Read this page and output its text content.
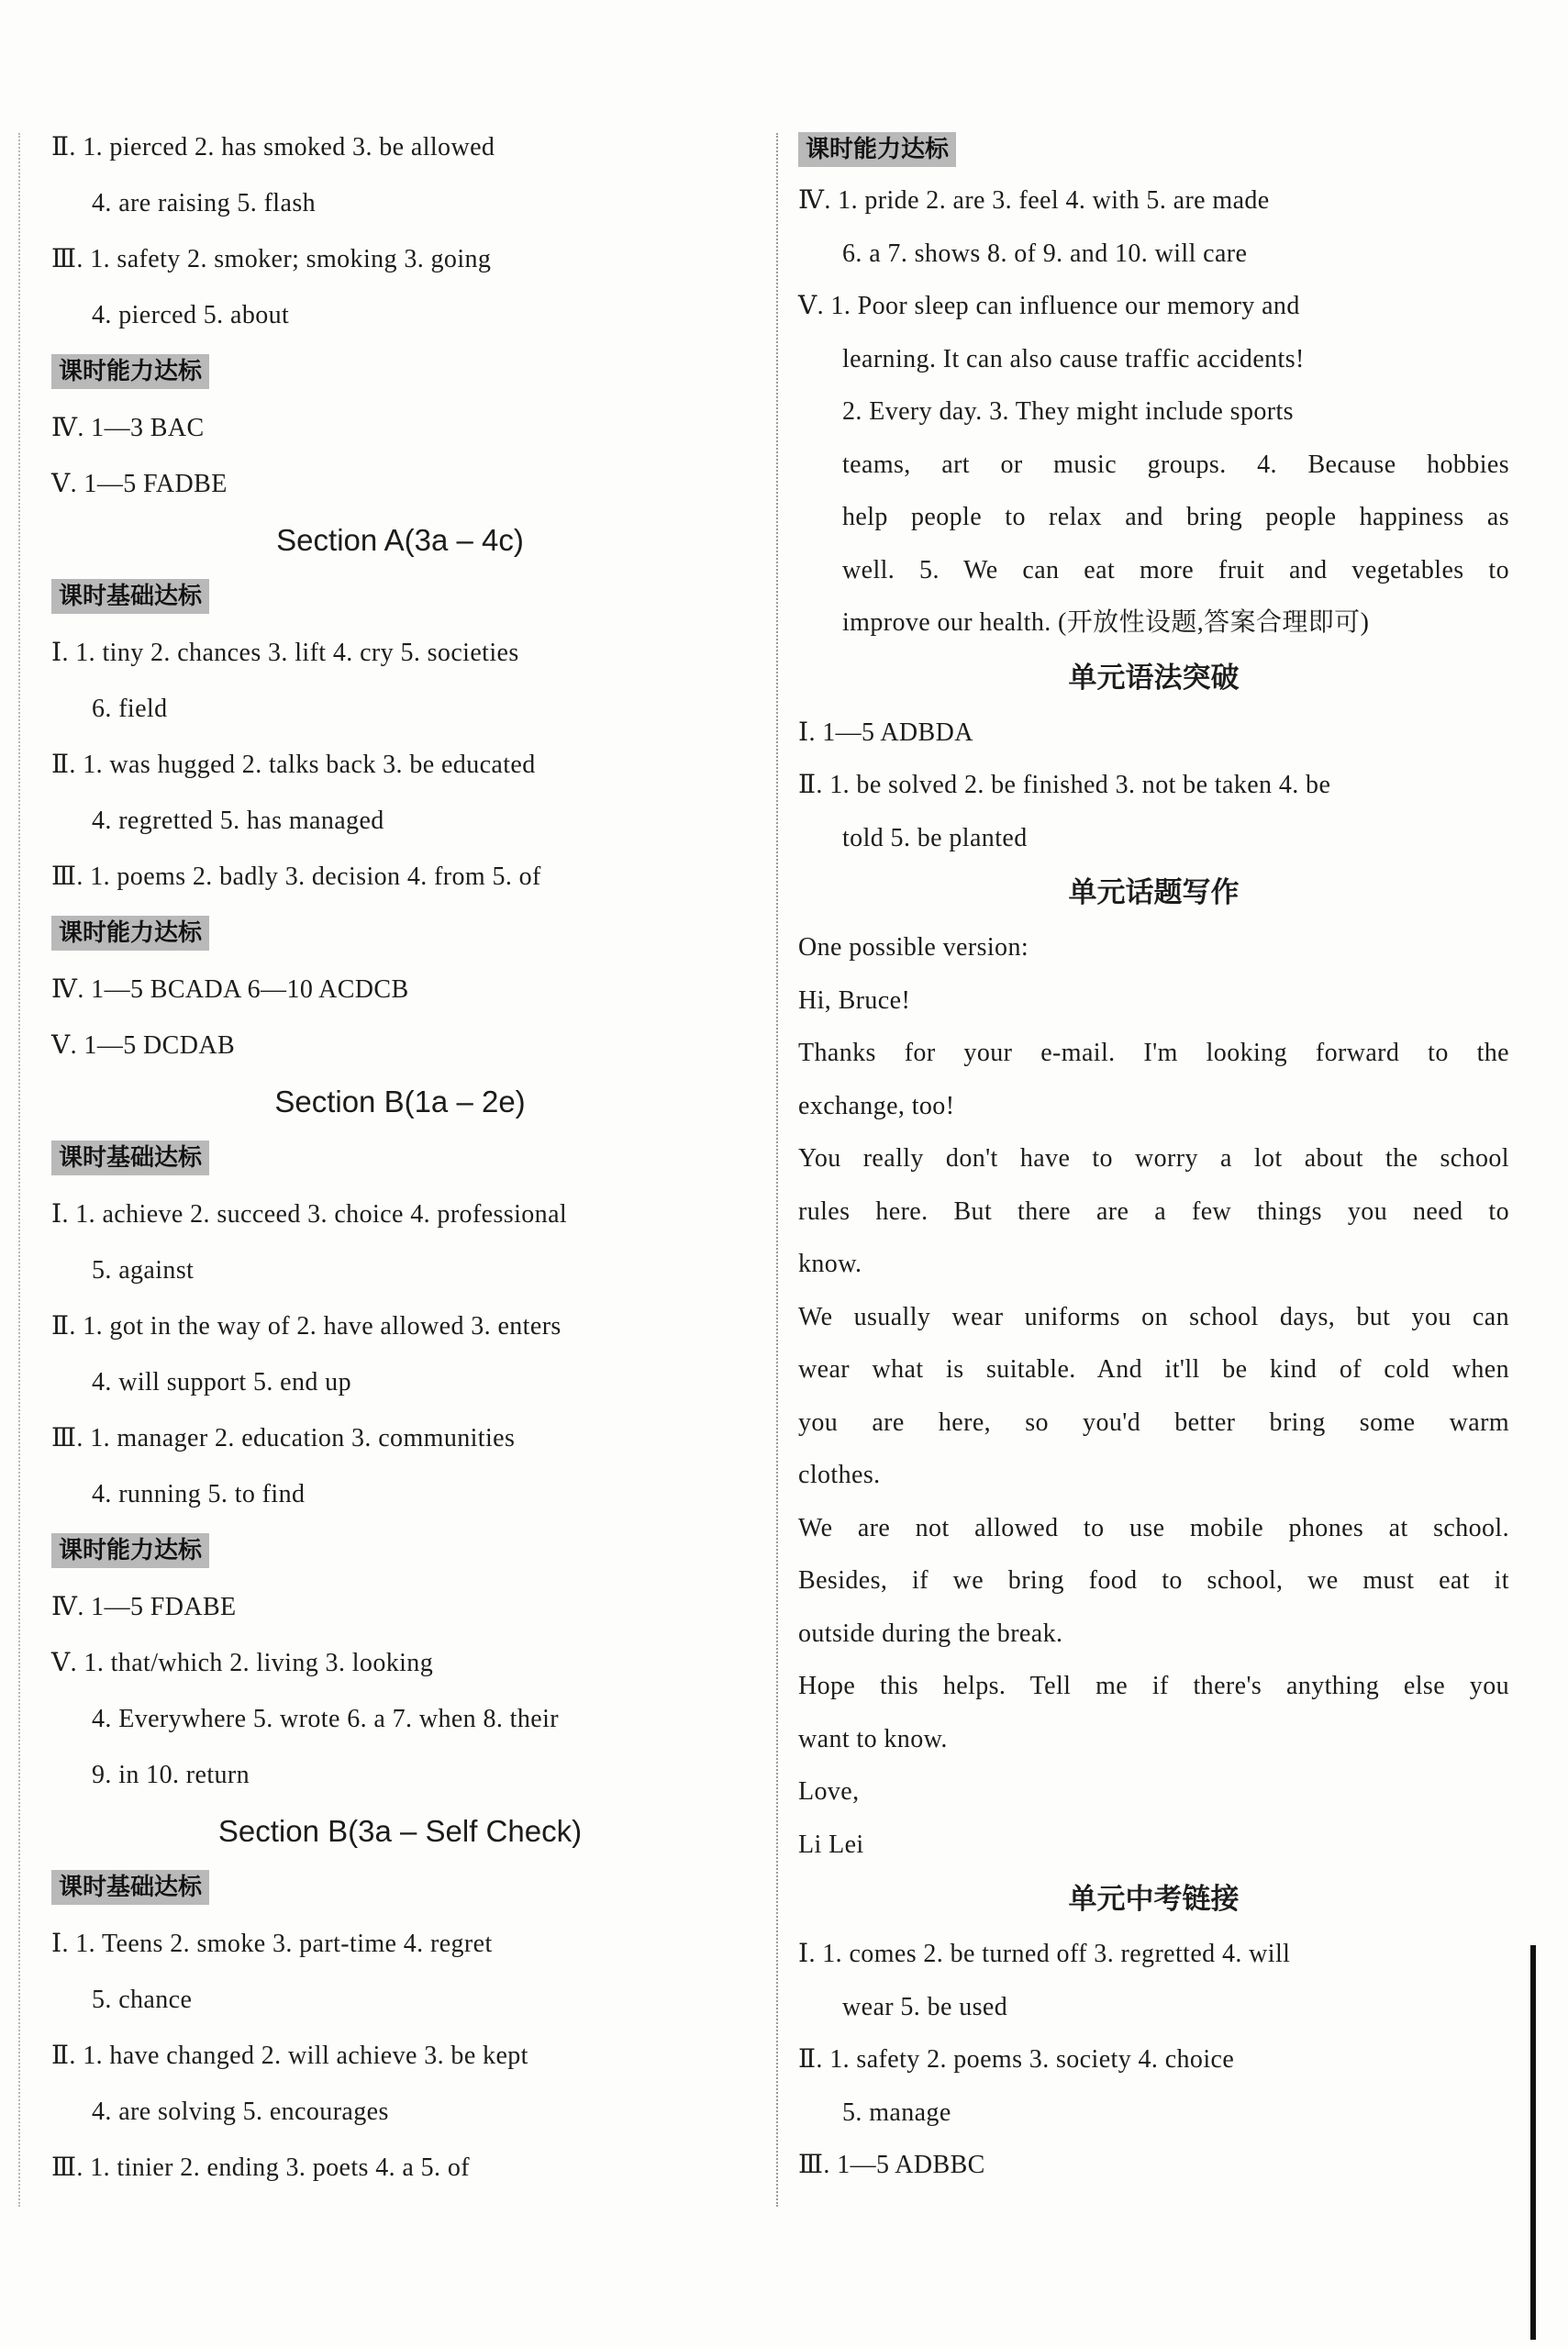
Ⅱ. 1. pierced 2. has smoked 3. be allowed
4. are raising 5. flash
Ⅲ. 1. safety 2. smoker; smoking 3. going
4. pierced 5. about
课时能力达标
Ⅳ. 1—3 BAC
Ⅴ. 1—5 FADBE
Section A(3a – 4c)
课时基础达标
Ⅰ. 1. tiny 2. chances 3. lift 4. cry 5. societies
6. field
Ⅱ. 1. was hugged 2. talks back 3. be educated
4. regretted 5. has managed
Ⅲ. 1. poems 2. badly 3. decision 4. from 5. of
课时能力达标
Ⅳ. 1—5 BCADA 6—10 ACDCB
Ⅴ. 1—5 DCDAB
Section B(1a – 2e)
课时基础达标
Ⅰ. 1. achieve 2. succeed 3. choice 4. professional
5. against
Ⅱ. 1. got in the way of 2. have allowed 3. enters
4. will support 5. end up
Ⅲ. 1. manager 2. education 3. communities
4. running 5. to find
课时能力达标
Ⅳ. 1—5 FDABE
Ⅴ. 1. that/which 2. living 3. looking
4. Everywhere 5. wrote 6. a 7. when 8. their
9. in 10. return
Section B(3a – Self Check)
课时基础达标
Ⅰ. 1. Teens 2. smoke 3. part-time 4. regret
5. chance
Ⅱ. 1. have changed 2. will achieve 3. be kept
4. are solving 5. encourages
Ⅲ. 1. tinier 2. ending 3. poets 4. a 5. of
课时能力达标
Ⅳ. 1. pride 2. are 3. feel 4. with 5. are made
6. a 7. shows 8. of 9. and 10. will care
Ⅴ. 1. Poor sleep can influence our memory and
learning. It can also cause traffic accidents!
2. Every day. 3. They might include sports
teams, art or music groups. 4. Because hobbies
help people to relax and bring people happiness as
well. 5. We can eat more fruit and vegetables to
improve our health. (开放性设题,答案合理即可)
单元语法突破
Ⅰ. 1—5 ADBDA
Ⅱ. 1. be solved 2. be finished 3. not be taken 4. be
told 5. be planted
单元话题写作
One possible version:
Hi, Bruce!
Thanks for your e-mail. I'm looking forward to the
exchange, too!
You really don't have to worry a lot about the school
rules here. But there are a few things you need to
know.
We usually wear uniforms on school days, but you can
wear what is suitable. And it'll be kind of cold when
you are here, so you'd better bring some warm
clothes.
We are not allowed to use mobile phones at school.
Besides, if we bring food to school, we must eat it
outside during the break.
Hope this helps. Tell me if there's anything else you
want to know.
Love,
Li Lei
单元中考链接
Ⅰ. 1. comes 2. be turned off 3. regretted 4. will
wear 5. be used
Ⅱ. 1. safety 2. poems 3. society 4. choice
5. manage
Ⅲ. 1—5 ADBBC
